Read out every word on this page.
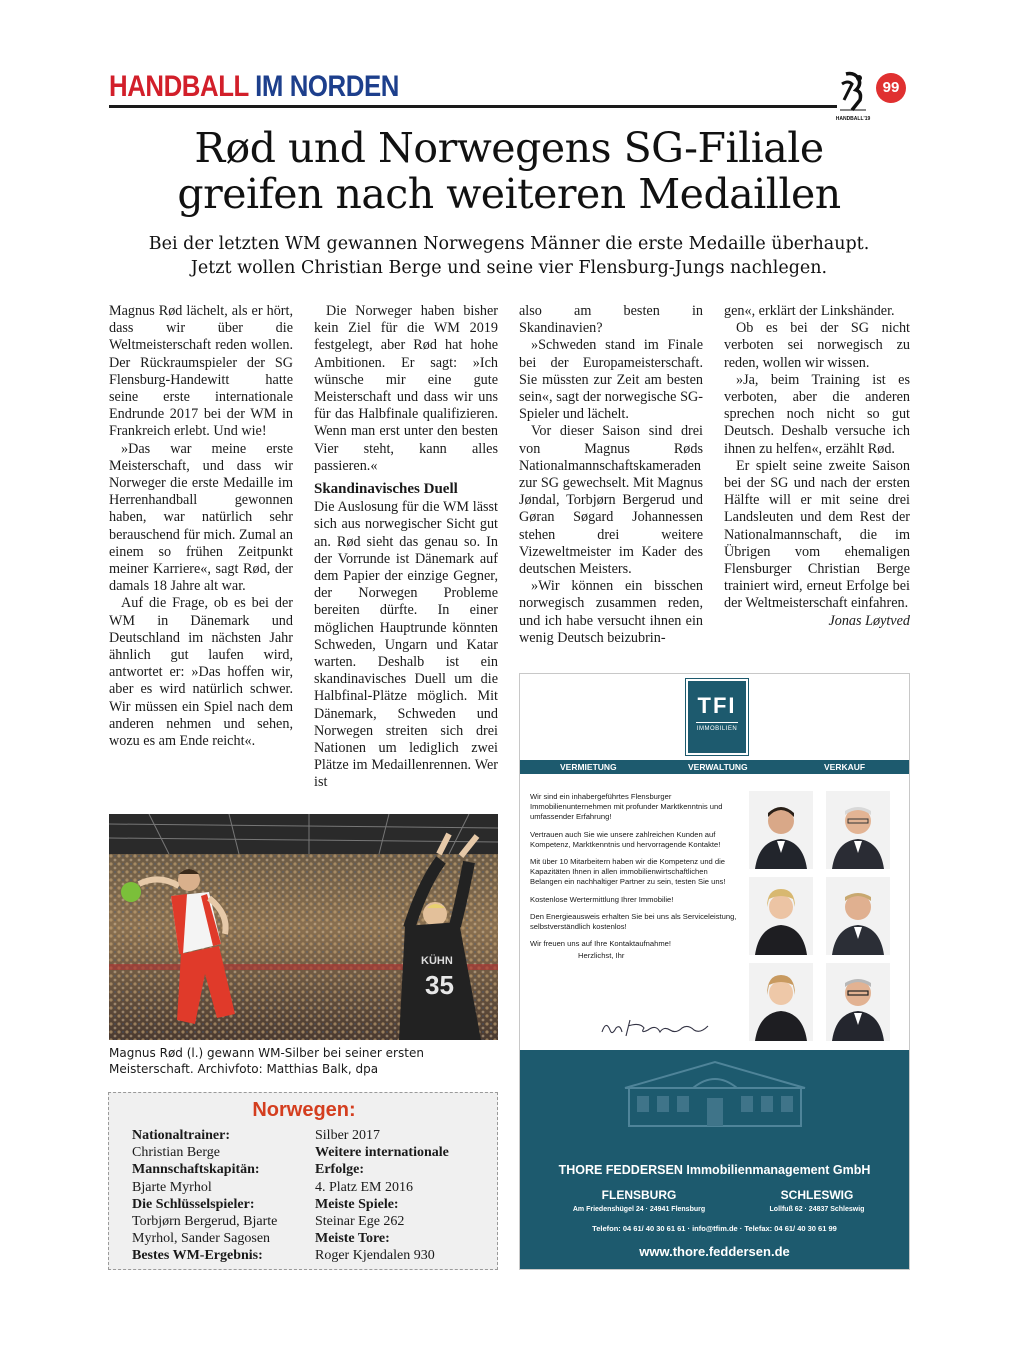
HANDBALL IM NORDEN
HANDBALL'19
99
Rød und Norwegens SG-Filiale
greifen nach weiteren Medaillen
Bei der letzten WM gewannen Norwegens Männer die erste Medaille überhaupt.
Jetzt wollen Christian Berge und seine vier Flensburg-Jungs nachlegen.

Magnus Rød lächelt, als er hört, dass wir über die Weltmeisterschaft reden wollen. Der Rückraumspieler der SG Flensburg-Handewitt hatte seine erste internationale Endrunde 2017 bei der WM in Frankreich erlebt. Und wie!

»Das war meine erste Meisterschaft, und dass wir Norweger die erste Medaille im Herrenhandball gewonnen haben, war natürlich sehr berauschend für mich. Zumal an einem so frühen Zeitpunkt meiner Karriere«, sagt Rød, der damals 18 Jahre alt war.

Auf die Frage, ob es bei der WM in Dänemark und Deutschland im nächsten Jahr ähnlich gut laufen wird, antwortet er: »Das hoffen wir, aber es wird natürlich schwer. Wir müssen ein Spiel nach dem anderen nehmen und sehen, wozu es am Ende reicht«.

Die Norweger haben bisher kein Ziel für die WM 2019 festgelegt, aber Rød hat hohe Ambitionen. Er sagt: »Ich wünsche mir eine gute Meisterschaft und dass wir uns für das Halbfinale qualifizieren. Wenn man erst unter den besten Vier steht, kann alles passieren.«

Skandinavisches Duell

Die Auslosung für die WM lässt sich aus norwegischer Sicht gut an. Rød sieht das genau so. In der Vorrunde ist Dänemark auf dem Papier der einzige Gegner, der Norwegen Probleme bereiten dürfte. In einer möglichen Hauptrunde könnten Schweden, Ungarn und Katar warten. Deshalb ist ein skandinavisches Duell um die Halbfinal-Plätze möglich. Mit Dänemark, Schweden und Norwegen streiten sich drei Nationen um lediglich zwei Plätze im Medaillenrennen. Wer ist

also am besten in Skandinavien?

»Schweden stand im Finale bei der Europameisterschaft. Sie müssten zur Zeit am besten sein«, sagt der norwegische SG-Spieler und lächelt.

Vor dieser Saison sind drei von Magnus Røds Nationalmannschaftskameraden zur SG gewechselt. Mit Magnus Jøndal, Torbjørn Bergerud und Gøran Søgard Johannessen stehen drei weitere Vizeweltmeister im Kader des deutschen Meisters.

»Wir können ein bisschen norwegisch zusammen reden, und ich habe versucht ihnen ein wenig Deutsch beizubrin-

gen«, erklärt der Linkshänder.

Ob es bei der SG nicht verboten sei norwegisch zu reden, wollen wir wissen.

»Ja, beim Training ist es verboten, aber die anderen sprechen noch nicht so gut Deutsch. Deshalb versuche ich ihnen zu helfen«, erzählt Rød.

Er spielt seine zweite Saison bei der SG und nach der ersten Hälfte will er mit seine drei Landsleuten und dem Rest der Nationalmannschaft, die im Übrigen vom ehemaligen Flensburger Christian Berge trainiert wird, erneut Erfolge bei der Weltmeisterschaft einfahren.

Jonas Løytved

KÜHN
35
Magnus Rød (l.) gewann WM-Silber bei seiner ersten Meisterschaft. Archivfoto: Matthias Balk, dpa
Norwegen:
Nationaltrainer:
Christian Berge
Mannschaftskapitän:
Bjarte Myrhol
Die Schlüsselspieler:
Torbjørn Bergerud, Bjarte Myrhol, Sander Sagosen
Bestes WM-Ergebnis:
Silber 2017
Weitere internationale Erfolge:
4. Platz EM 2016
Meiste Spiele:
Steinar Ege 262
Meiste Tore:
Roger Kjendalen 930
TFI
IMMOBILIEN
VERMIETUNG	VERWALTUNG	VERKAUF

Wir sind ein inhabergeführtes Flensburger Immobilienunternehmen mit profunder Marktkenntnis und umfassender Erfahrung!

Vertrauen auch Sie wie unsere zahlreichen Kunden auf Kompetenz, Marktkenntnis und hervorragende Kontakte!

Mit über 10 Mitarbeitern haben wir die Kompetenz und die Kapazitäten Ihnen in allen immobilienwirtschaftlichen Belangen ein nachhaltiger Partner zu sein, testen Sie uns!

Kostenlose Wertermittlung Ihrer Immobilie!

Den Energieausweis erhalten Sie bei uns als Serviceleistung, selbstverständlich kostenlos!

Wir freuen uns auf Ihre Kontaktaufnahme!

Herzlichst, Ihr

THORE FEDDERSEN Immobilienmanagement GmbH
FLENSBURG
Am Friedenshügel 24 · 24941 Flensburg
SCHLESWIG
Lollfuß 62 · 24837 Schleswig
Telefon: 04 61/ 40 30 61 61 · info@tfim.de · Telefax: 04 61/ 40 30 61 99
www.thore.feddersen.de
